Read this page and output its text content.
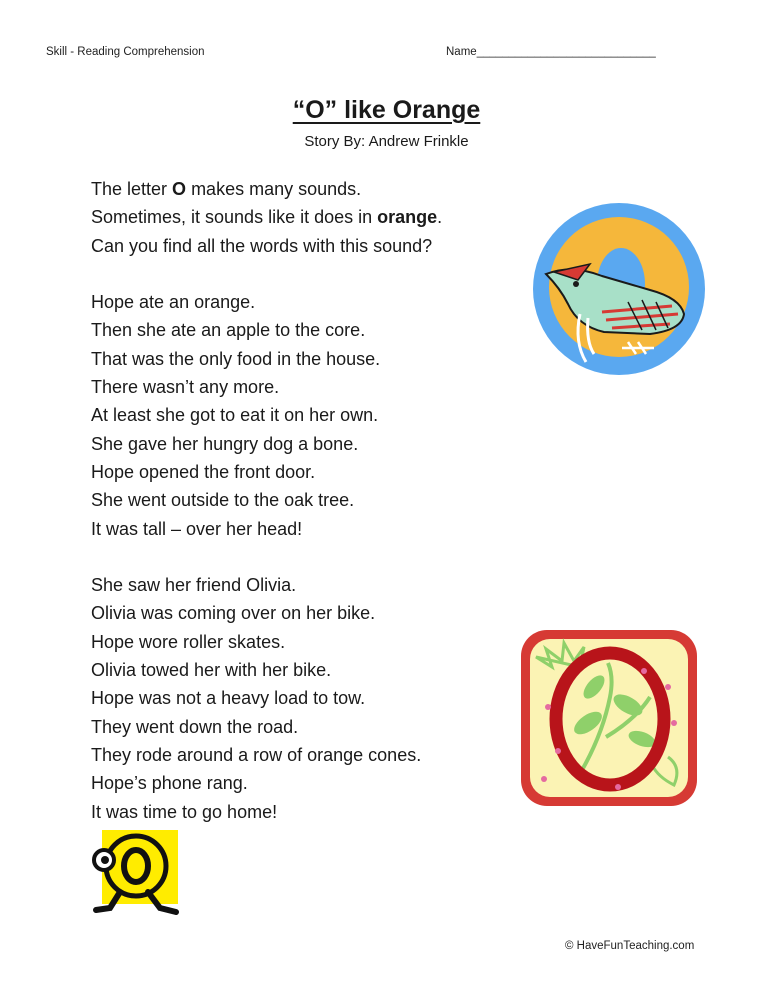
Skill - Reading Comprehension	Name____________________________
“O” like Orange
Story By: Andrew Frinkle
The letter O makes many sounds.
Sometimes, it sounds like it does in orange.
Can you find all the words with this sound?
Hope ate an orange.
Then she ate an apple to the core.
That was the only food in the house.
There wasn’t any more.
At least she got to eat it on her own.
She gave her hungry dog a bone.
Hope opened the front door.
She went outside to the oak tree.
It was tall – over her head!
She saw her friend Olivia.
Olivia was coming over on her bike.
Hope wore roller skates.
Olivia towed her with her bike.
Hope was not a heavy load to tow.
They went down the road.
They rode around a row of orange cones.
Hope’s phone rang.
It was time to go home!
© HaveFunTeaching.com
